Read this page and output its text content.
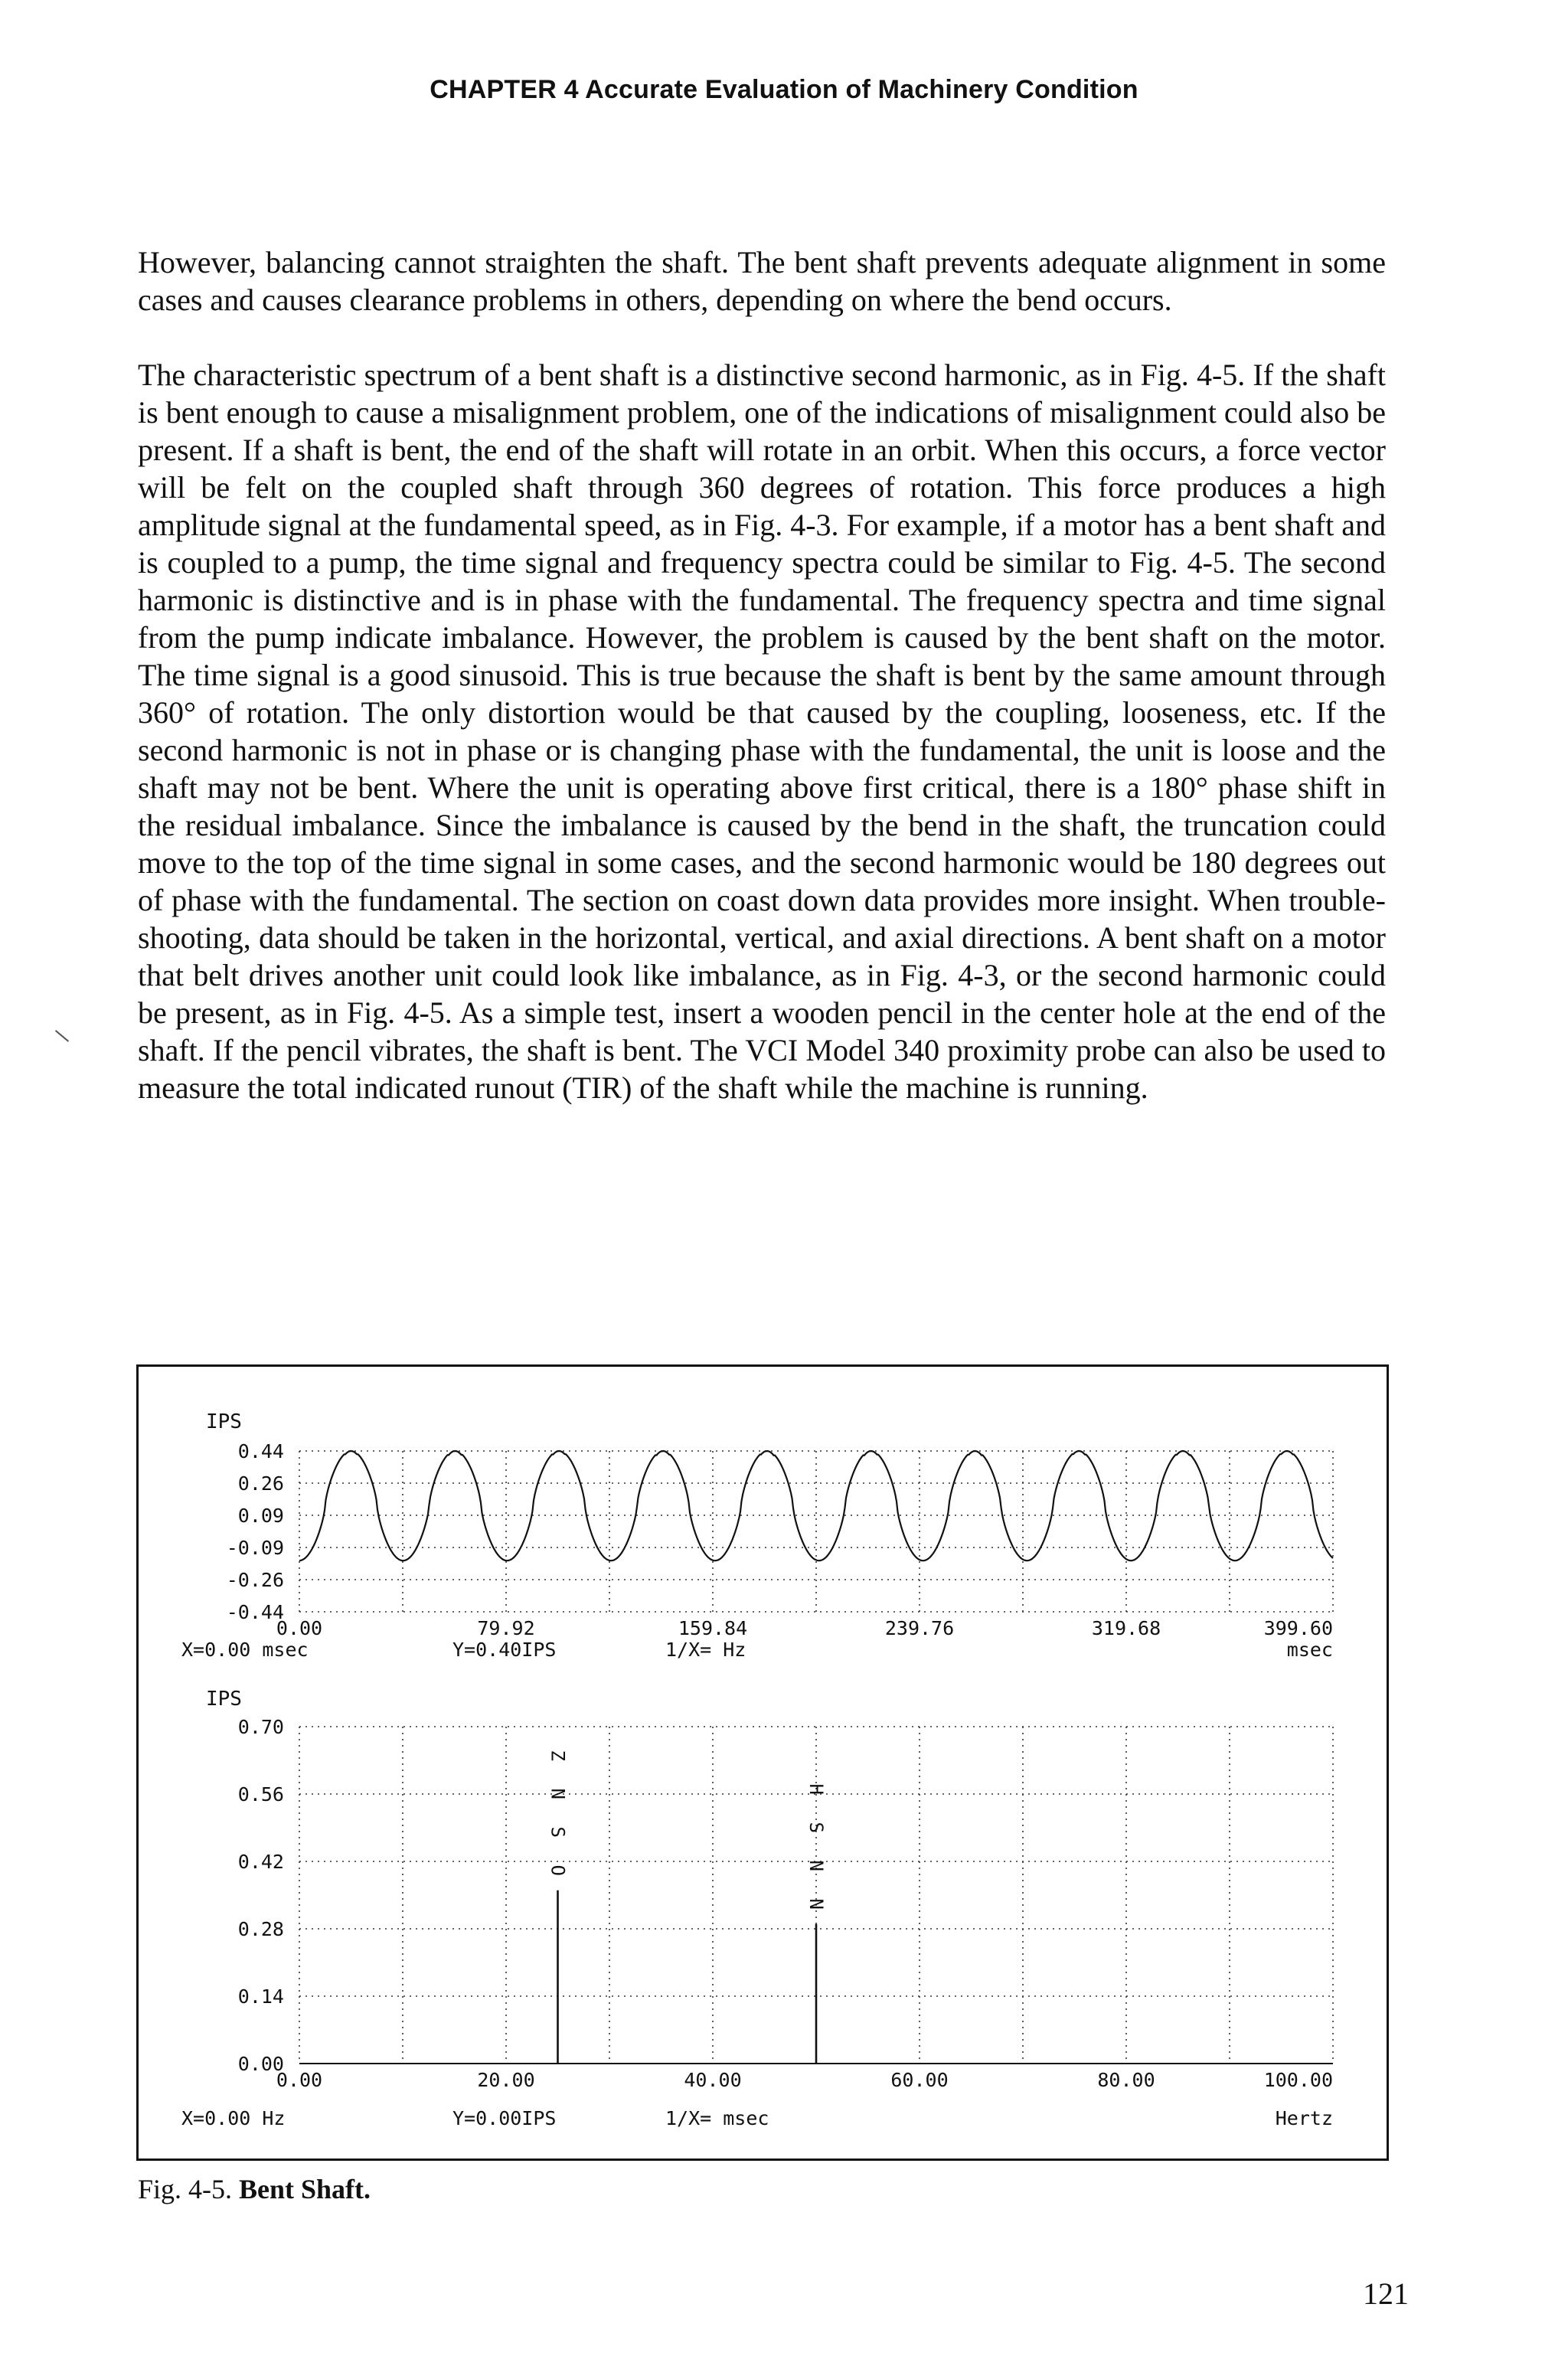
CHAPTER 4 Accurate Evaluation of Machinery Condition

However, balancing cannot straighten the shaft. The bent shaft prevents adequate alignment in some cases and causes clearance problems in others, depending on where the bend occurs.

The characteristic spectrum of a bent shaft is a distinctive second harmonic, as in Fig. 4-5. If the shaft is bent enough to cause a misalignment problem, one of the indications of misalignment could also be present. If a shaft is bent, the end of the shaft will rotate in an orbit. When this occurs, a force vector will be felt on the coupled shaft through 360 degrees of rotation. This force produces a high amplitude signal at the fundamental speed, as in Fig. 4-3. For example, if a motor has a bent shaft and is coupled to a pump, the time signal and frequency spectra could be similar to Fig. 4-5. The second harmonic is distinctive and is in phase with the fundamental. The frequency spectra and time signal from the pump indicate imbalance. However, the problem is caused by the bent shaft on the motor. The time signal is a good sinusoid. This is true because the shaft is bent by the same amount through 360° of rotation. The only distortion would be that caused by the coupling, looseness, etc. If the second harmonic is not in phase or is changing phase with the fundamental, the unit is loose and the shaft may not be bent. Where the unit is operating above first critical, there is a 180° phase shift in the residual imbalance. Since the imbalance is caused by the bend in the shaft, the truncation could move to the top of the time signal in some cases, and the second harmonic would be 180 degrees out of phase with the fundamental. The section on coast down data provides more insight. When trouble-shooting, data should be taken in the horizontal, vertical, and axial directions. A bent shaft on a motor that belt drives another unit could look like imbalance, as in Fig. 4-3, or the second harmonic could be present, as in Fig. 4-5. As a simple test, insert a wooden pencil in the center hole at the end of the shaft. If the pencil vibrates, the shaft is bent. The VCI Model 340 proximity probe can also be used to measure the total indicated runout (TIR) of the shaft while the machine is running.

IPS
0.44
0.26
0.09
-0.09
-0.26
-0.44
0.00	79.92	159.84	239.76	319.68	399.60
IPS
0.70
0.56
0.42
0.28
0.14
0.00
0.00	20.00	40.00	60.00	80.00	100.00
O
S
N
Z
N
N
S
H
X=0.00 msec	Y=0.40IPS	1/X= Hz	msec
X=0.00 Hz	Y=0.00IPS	1/X= msec	Hertz
Fig. 4-5. Bent Shaft.
121
